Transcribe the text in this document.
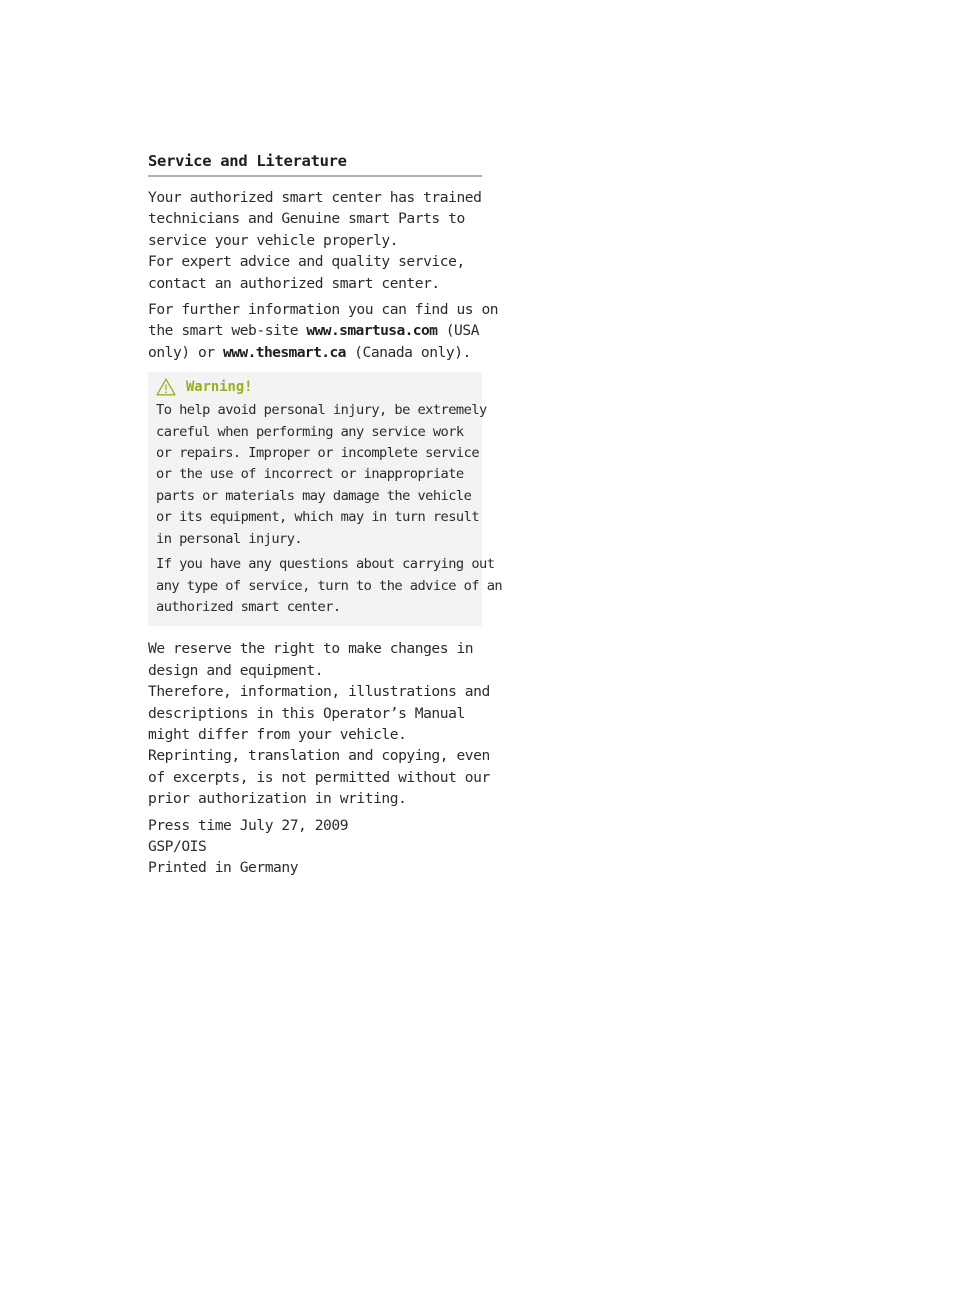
Service and Literature
Your authorized smart center has trained
technicians and Genuine smart Parts to
service your vehicle properly.
For expert advice and quality service,
contact an authorized smart center.
For further information you can find us on
the smart web-site www.smartusa.com (USA
only) or www.thesmart.ca (Canada only).
Warning!
To help avoid personal injury, be extremely
careful when performing any service work
or repairs. Improper or incomplete service
or the use of incorrect or inappropriate
parts or materials may damage the vehicle
or its equipment, which may in turn result
in personal injury.
If you have any questions about carrying out
any type of service, turn to the advice of an
authorized smart center.
We reserve the right to make changes in
design and equipment.
Therefore, information, illustrations and
descriptions in this Operator’s Manual
might differ from your vehicle.
Reprinting, translation and copying, even
of excerpts, is not permitted without our
prior authorization in writing.
Press time July 27, 2009
GSP/OIS
Printed in Germany
